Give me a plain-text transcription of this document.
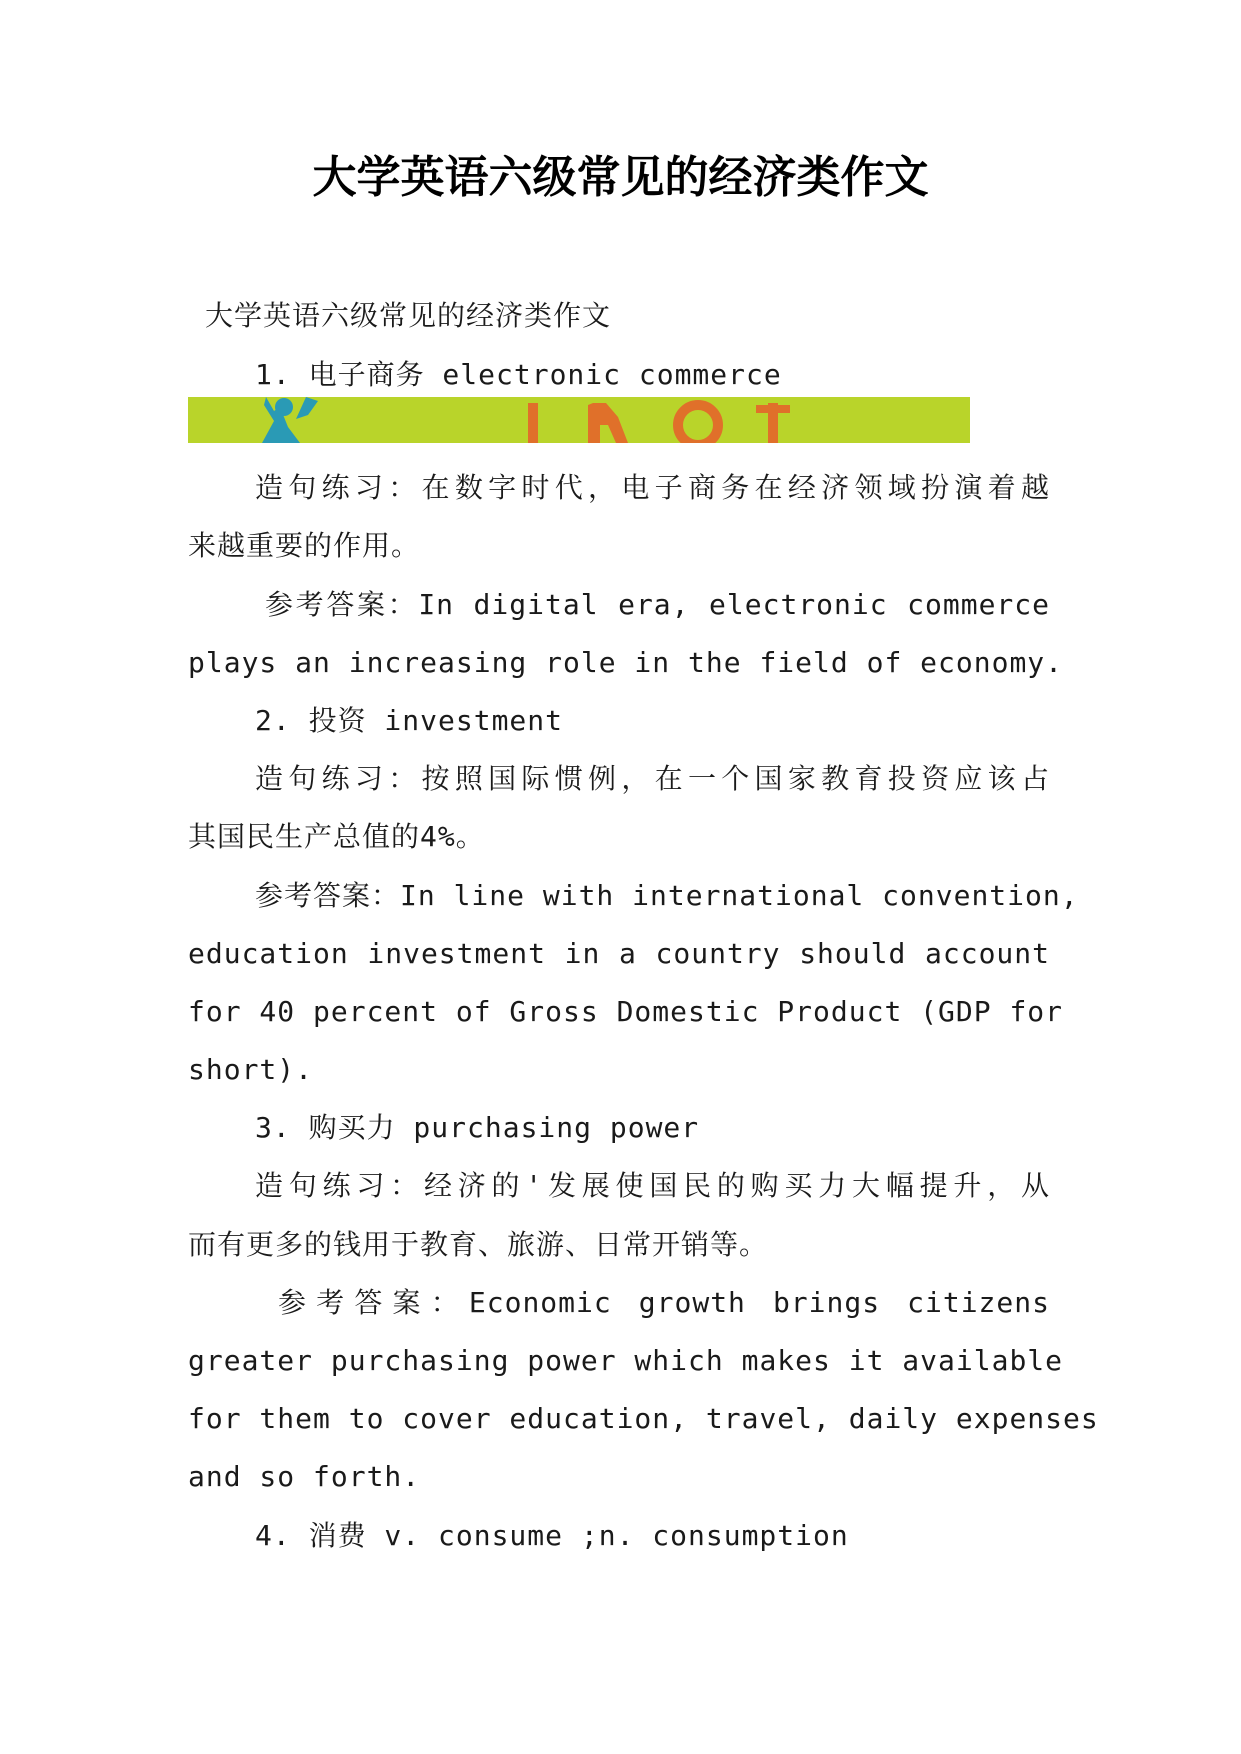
大学英语六级常见的经济类作文
大学英语六级常见的经济类作文
1. 电子商务 electronic commerce
造句练习：在数字时代，电子商务在经济领域扮演着越
来越重要的作用。
参考答案：In digital era, electronic commerce
plays an increasing role in the field of economy.
2. 投资 investment
造句练习：按照国际惯例，在一个国家教育投资应该占
其国民生产总值的4%。
参考答案：In line with international convention,
education investment in a country should account
for 40 percent of Gross Domestic Product (GDP for
short).
3. 购买力 purchasing power
造句练习：经济的'发展使国民的购买力大幅提升，从
而有更多的钱用于教育、旅游、日常开销等。
参考答案：Economic growth brings citizens
greater purchasing power which makes it available
for them to cover education, travel, daily expenses
and so forth.
4. 消费 v. consume ;n. consumption
